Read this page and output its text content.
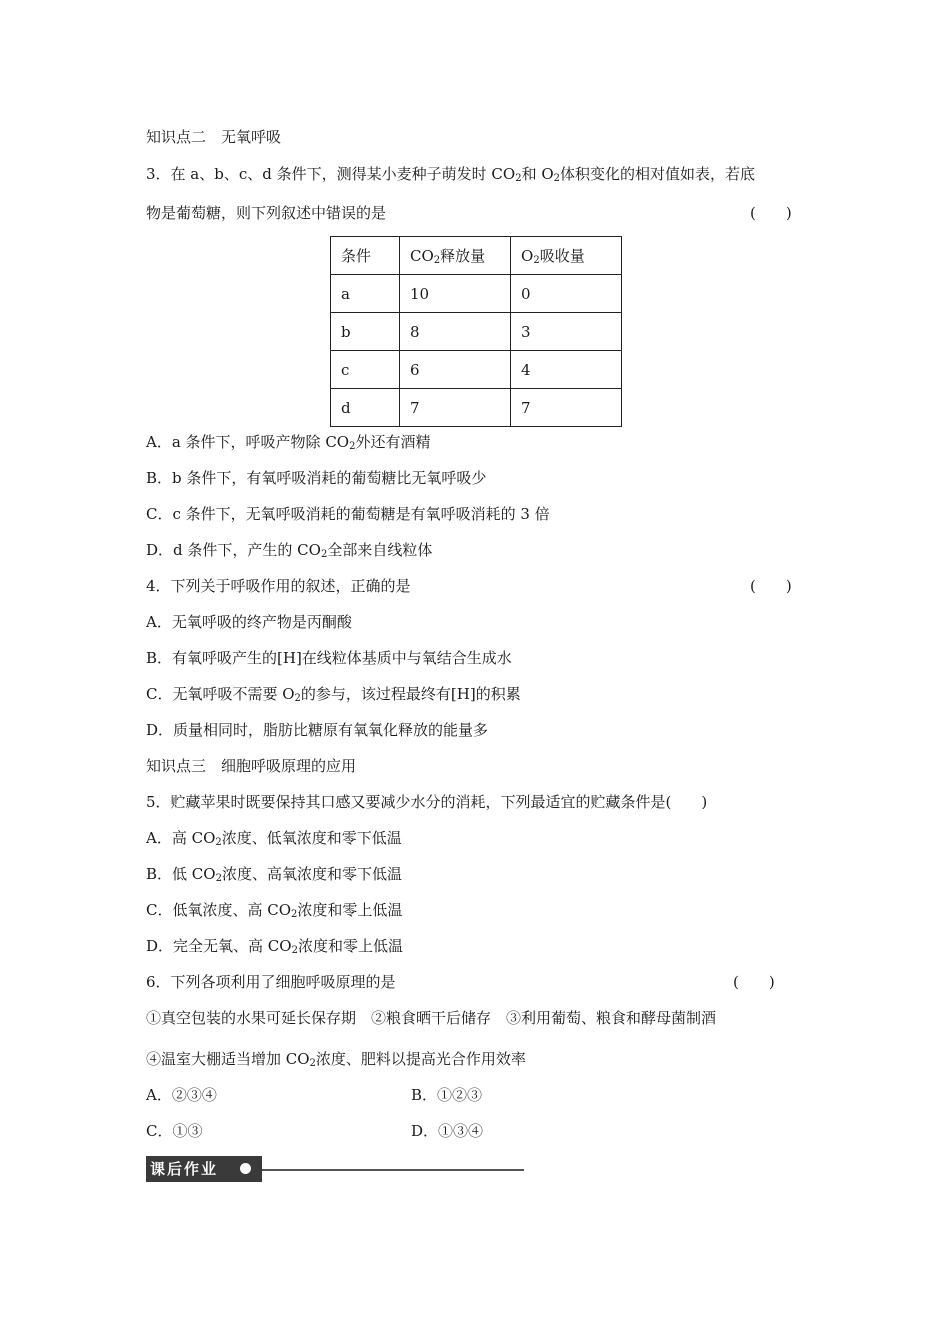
知识点二　无氧呼吸
3．在 a、b、c、d 条件下，测得某小麦种子萌发时 $CO_2$和 $O_2$体积变化的相对值如表，若底
物是葡萄糖，则下列叙述中错误的是	(　　)
条件	$CO_2$释放量	$O_2$吸收量
a	10	0
b	8	3
c	6	4
d	7	7
A．a 条件下，呼吸产物除 $CO_2$外还有酒精
B．b 条件下，有氧呼吸消耗的葡萄糖比无氧呼吸少
C．c 条件下，无氧呼吸消耗的葡萄糖是有氧呼吸消耗的 3 倍
D．d 条件下，产生的 $CO_2$全部来自线粒体
4．下列关于呼吸作用的叙述，正确的是	(　　)
A．无氧呼吸的终产物是丙酮酸
B．有氧呼吸产生的[H]在线粒体基质中与氧结合生成水
C．无氧呼吸不需要 $O_2$的参与，该过程最终有[H]的积累
D．质量相同时，脂肪比糖原有氧氧化释放的能量多
知识点三　细胞呼吸原理的应用
5．贮藏苹果时既要保持其口感又要减少水分的消耗，下列最适宜的贮藏条件是(　　)
A．高 $CO_2$浓度、低氧浓度和零下低温
B．低 $CO_2$浓度、高氧浓度和零下低温
C．低氧浓度、高 $CO_2$浓度和零上低温
D．完全无氧、高 $CO_2$浓度和零上低温
6．下列各项利用了细胞呼吸原理的是	(　　)
①真空包装的水果可延长保存期　②粮食晒干后储存　③利用葡萄、粮食和酵母菌制酒
④温室大棚适当增加 $CO_2$浓度、肥料以提高光合作用效率
A．②③④	B．①②③
C．①③	D．①③④
课后作业
